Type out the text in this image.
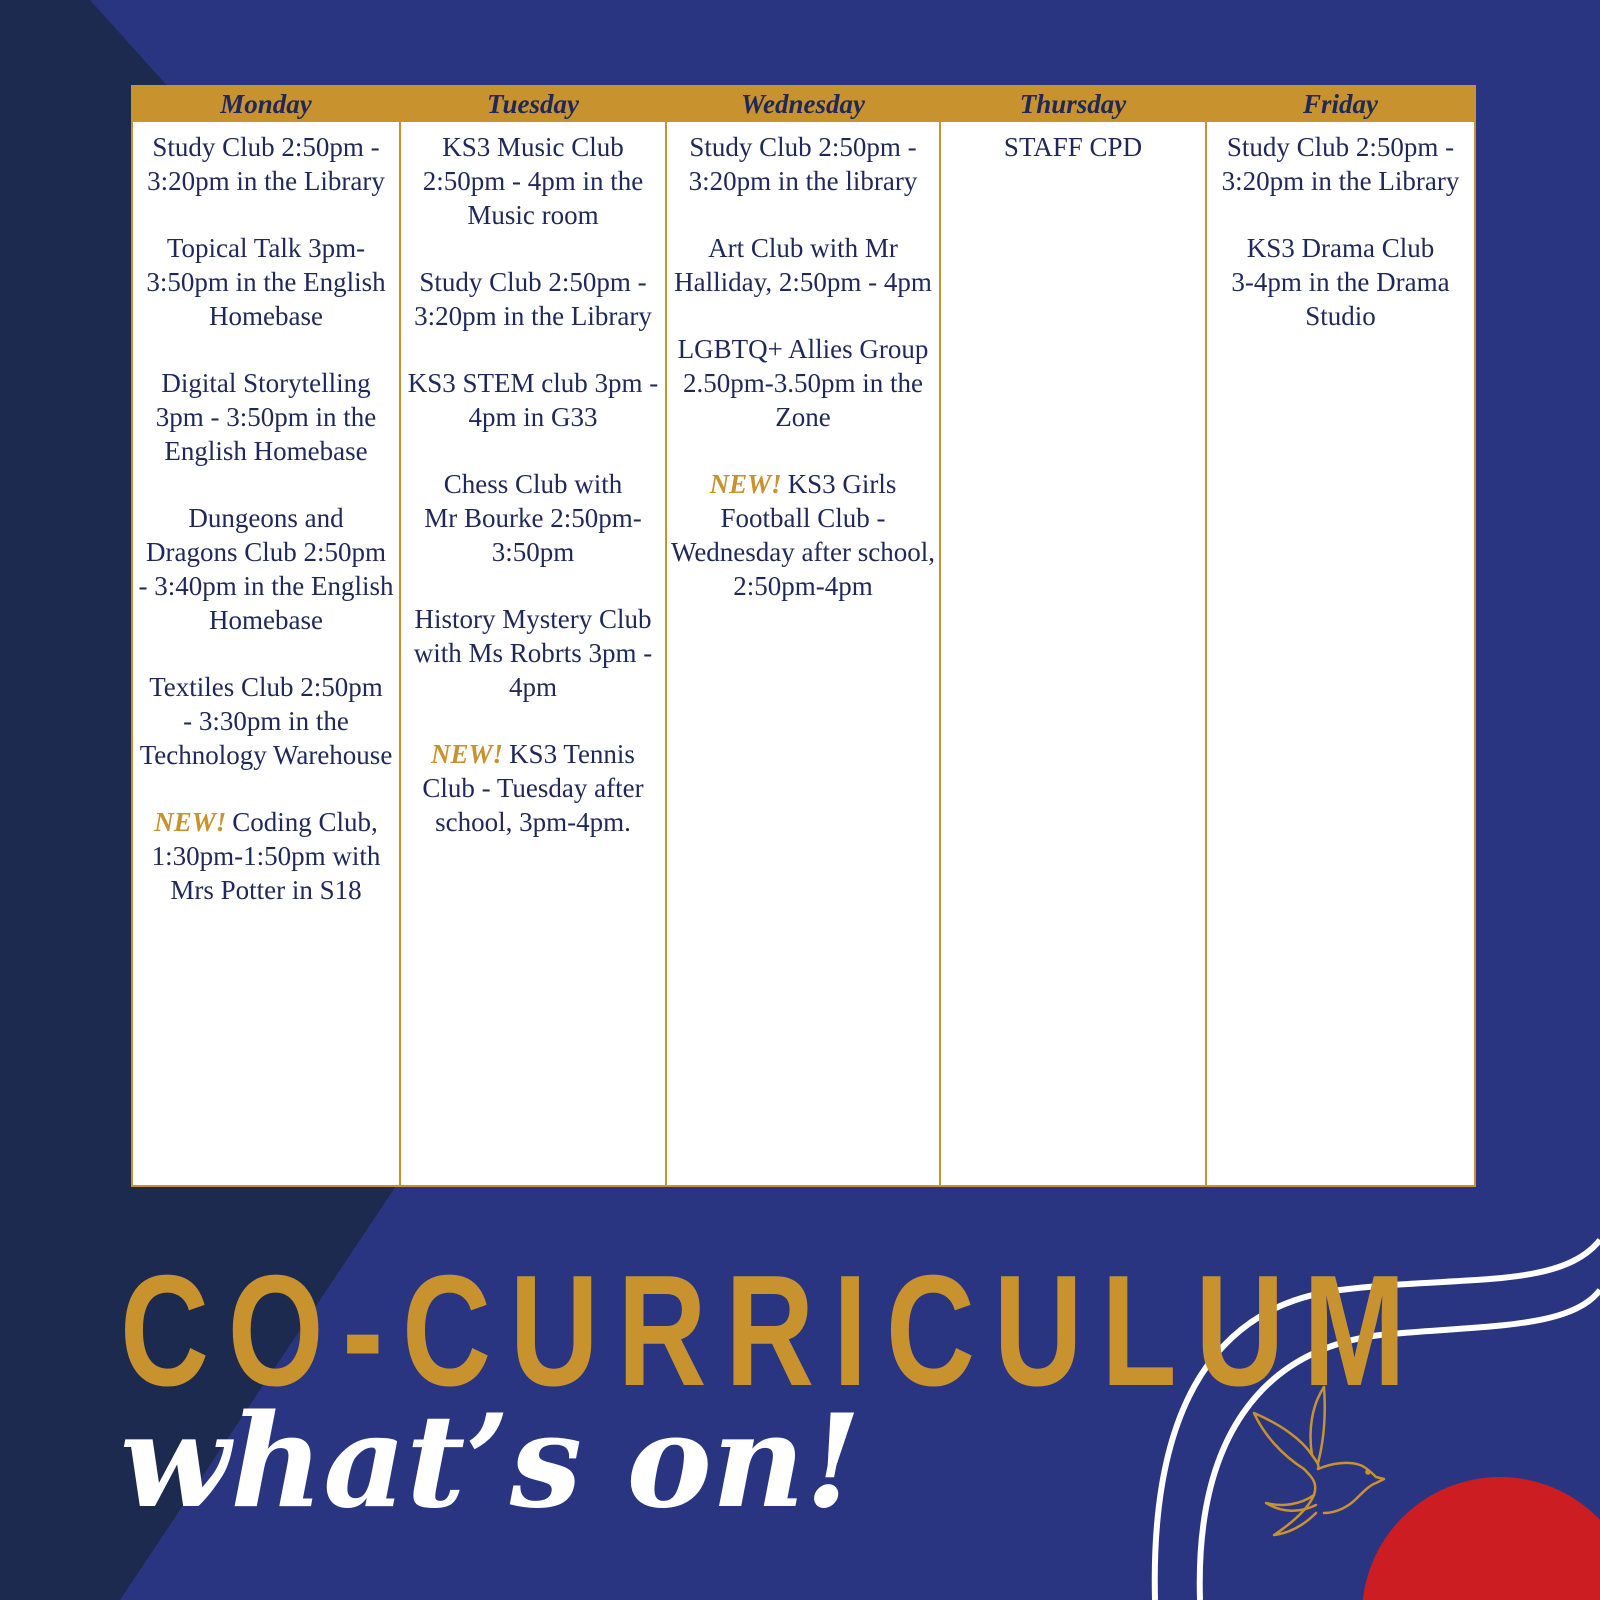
Monday
Study Club 2:50pm -
3:20pm in the Library
Topical Talk 3pm-
3:50pm in the English
Homebase
Digital Storytelling
3pm - 3:50pm in the
English Homebase
Dungeons and
Dragons Club 2:50pm
- 3:40pm in the English
Homebase
Textiles Club 2:50pm
- 3:30pm in the
Technology Warehouse
NEW! Coding Club,
1:30pm-1:50pm with
Mrs Potter in S18
Tuesday
KS3 Music Club
2:50pm - 4pm in the
Music room
Study Club 2:50pm -
3:20pm in the Library
KS3 STEM club 3pm -
4pm in G33
Chess Club with
Mr Bourke 2:50pm-
3:50pm
History Mystery Club
with Ms Robrts 3pm -
4pm
NEW! KS3 Tennis
Club - Tuesday after
school, 3pm-4pm.
Wednesday
Study Club 2:50pm -
3:20pm in the library
Art Club with Mr
Halliday, 2:50pm - 4pm
LGBTQ+ Allies Group
2.50pm-3.50pm in the
Zone
NEW! KS3 Girls
Football Club -
Wednesday after school,
2:50pm-4pm
Thursday
STAFF CPD
Friday
Study Club 2:50pm -
3:20pm in the Library
KS3 Drama Club
3-4pm in the Drama
Studio
CO-CURRICULUM
what’s on!
